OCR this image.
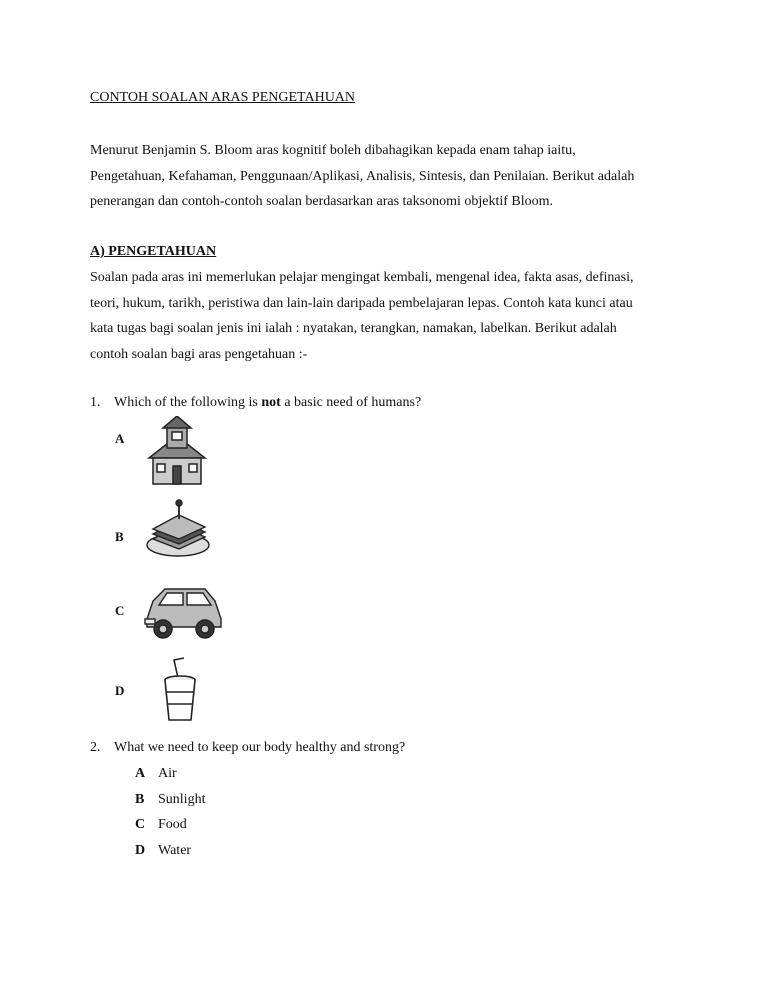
CONTOH SOALAN ARAS PENGETAHUAN
Menurut Benjamin S. Bloom aras kognitif boleh dibahagikan kepada enam tahap iaitu,
Pengetahuan, Kefahaman, Penggunaan/Aplikasi, Analisis, Sintesis, dan Penilaian. Berikut adalah
penerangan dan contoh-contoh soalan berdasarkan aras taksonomi objektif Bloom.
A) PENGETAHUAN
Soalan pada aras ini memerlukan pelajar mengingat kembali, mengenal idea, fakta asas, definasi,
teori, hukum, tarikh, peristiwa dan lain-lain daripada pembelajaran lepas. Contoh kata kunci atau
kata tugas bagi soalan jenis ini ialah : nyatakan, terangkan, namakan, labelkan. Berikut adalah
contoh soalan bagi aras pengetahuan :-
1. Which of the following is not a basic need of humans?
A
B
C
D
2. What we need to keep our body healthy and strong?
A Air
B Sunlight
C Food
D Water
